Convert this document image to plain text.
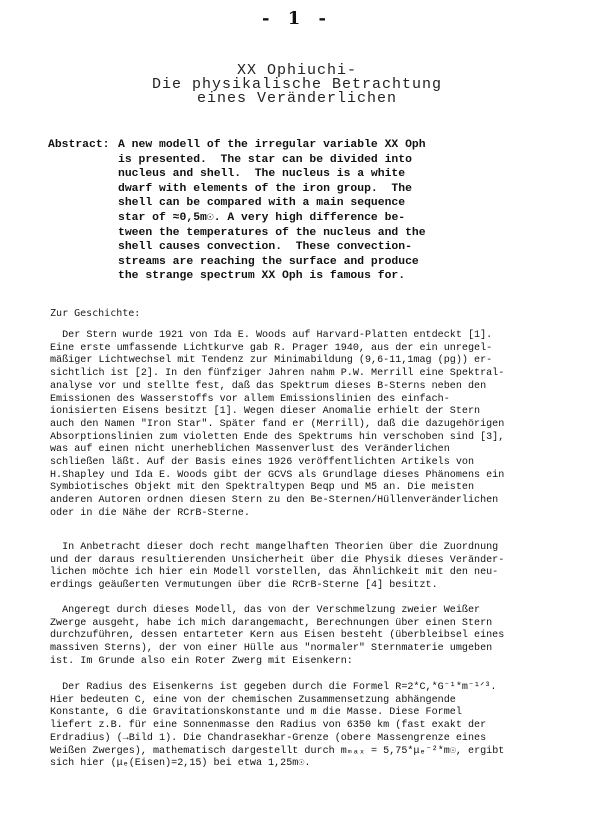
- 1 -
XX Ophiuchi-
Die physikalische Betrachtung
eines Veränderlichen
Abstract: A new modell of the irregular variable XX Oph
is presented.  The star can be divided into
nucleus and shell.  The nucleus is a white
dwarf with elements of the iron group.  The
shell can be compared with a main sequence
star of ≈0,5m☉. A very high difference be-
tween the temperatures of the nucleus and the
shell causes convection.  These convection-
streams are reaching the surface and produce
the strange spectrum XX Oph is famous for.
Zur Geschichte:
Der Stern wurde 1921 von Ida E. Woods auf Harvard-Platten entdeckt [1].
Eine erste umfassende Lichtkurve gab R. Prager 1940, aus der ein unregel-
mäßiger Lichtwechsel mit Tendenz zur Minimabildung (9,6-11,1mag (pg)) er-
sichtlich ist [2]. In den fünfziger Jahren nahm P.W. Merrill eine Spektral-
analyse vor und stellte fest, daß das Spektrum dieses B-Sterns neben den
Emissionen des Wasserstoffs vor allem Emissionslinien des einfach-
ionisierten Eisens besitzt [1]. Wegen dieser Anomalie erhielt der Stern
auch den Namen "Iron Star". Später fand er (Merrill), daß die dazugehörigen
Absorptionslinien zum violetten Ende des Spektrums hin verschoben sind [3],
was auf einen nicht unerheblichen Massenverlust des Veränderlichen
schließen läßt. Auf der Basis eines 1926 veröffentlichten Artikels von
H.Shapley und Ida E. Woods gibt der GCVS als Grundlage dieses Phänomens ein
Symbiotisches Objekt mit den Spektraltypen Beqp und M5 an. Die meisten
anderen Autoren ordnen diesen Stern zu den Be-Sternen/Hüllenveränderlichen
oder in die Nähe der RCrB-Sterne.
In Anbetracht dieser doch recht mangelhaften Theorien über die Zuordnung
und der daraus resultierenden Unsicherheit über die Physik dieses Veränder-
lichen möchte ich hier ein Modell vorstellen, das Ähnlichkeit mit den neu-
erdings geäußerten Vermutungen über die RCrB-Sterne [4] besitzt.
Angeregt durch dieses Modell, das von der Verschmelzung zweier Weißer
Zwerge ausgeht, habe ich mich darangemacht, Berechnungen über einen Stern
durchzuführen, dessen entarteter Kern aus Eisen besteht (überbleibsel eines
massiven Sterns), der von einer Hülle aus "normaler" Sternmaterie umgeben
ist. Im Grunde also ein Roter Zwerg mit Eisenkern:
Der Radius des Eisenkerns ist gegeben durch die Formel R=2*C,*G⁻¹*m⁻¹ᐟ³.
Hier bedeuten C, eine von der chemischen Zusammensetzung abhängende
Konstante, G die Gravitationskonstante und m die Masse. Diese Formel
liefert z.B. für eine Sonnenmasse den Radius von 6350 km (fast exakt der
Erdradius) (→Bild 1). Die Chandrasekhar-Grenze (obere Massengrenze eines
Weißen Zwerges), mathematisch dargestellt durch mₘₐₓ = 5,75*μₑ⁻²*m☉, ergibt
sich hier (μₑ(Eisen)=2,15) bei etwa 1,25m☉.
